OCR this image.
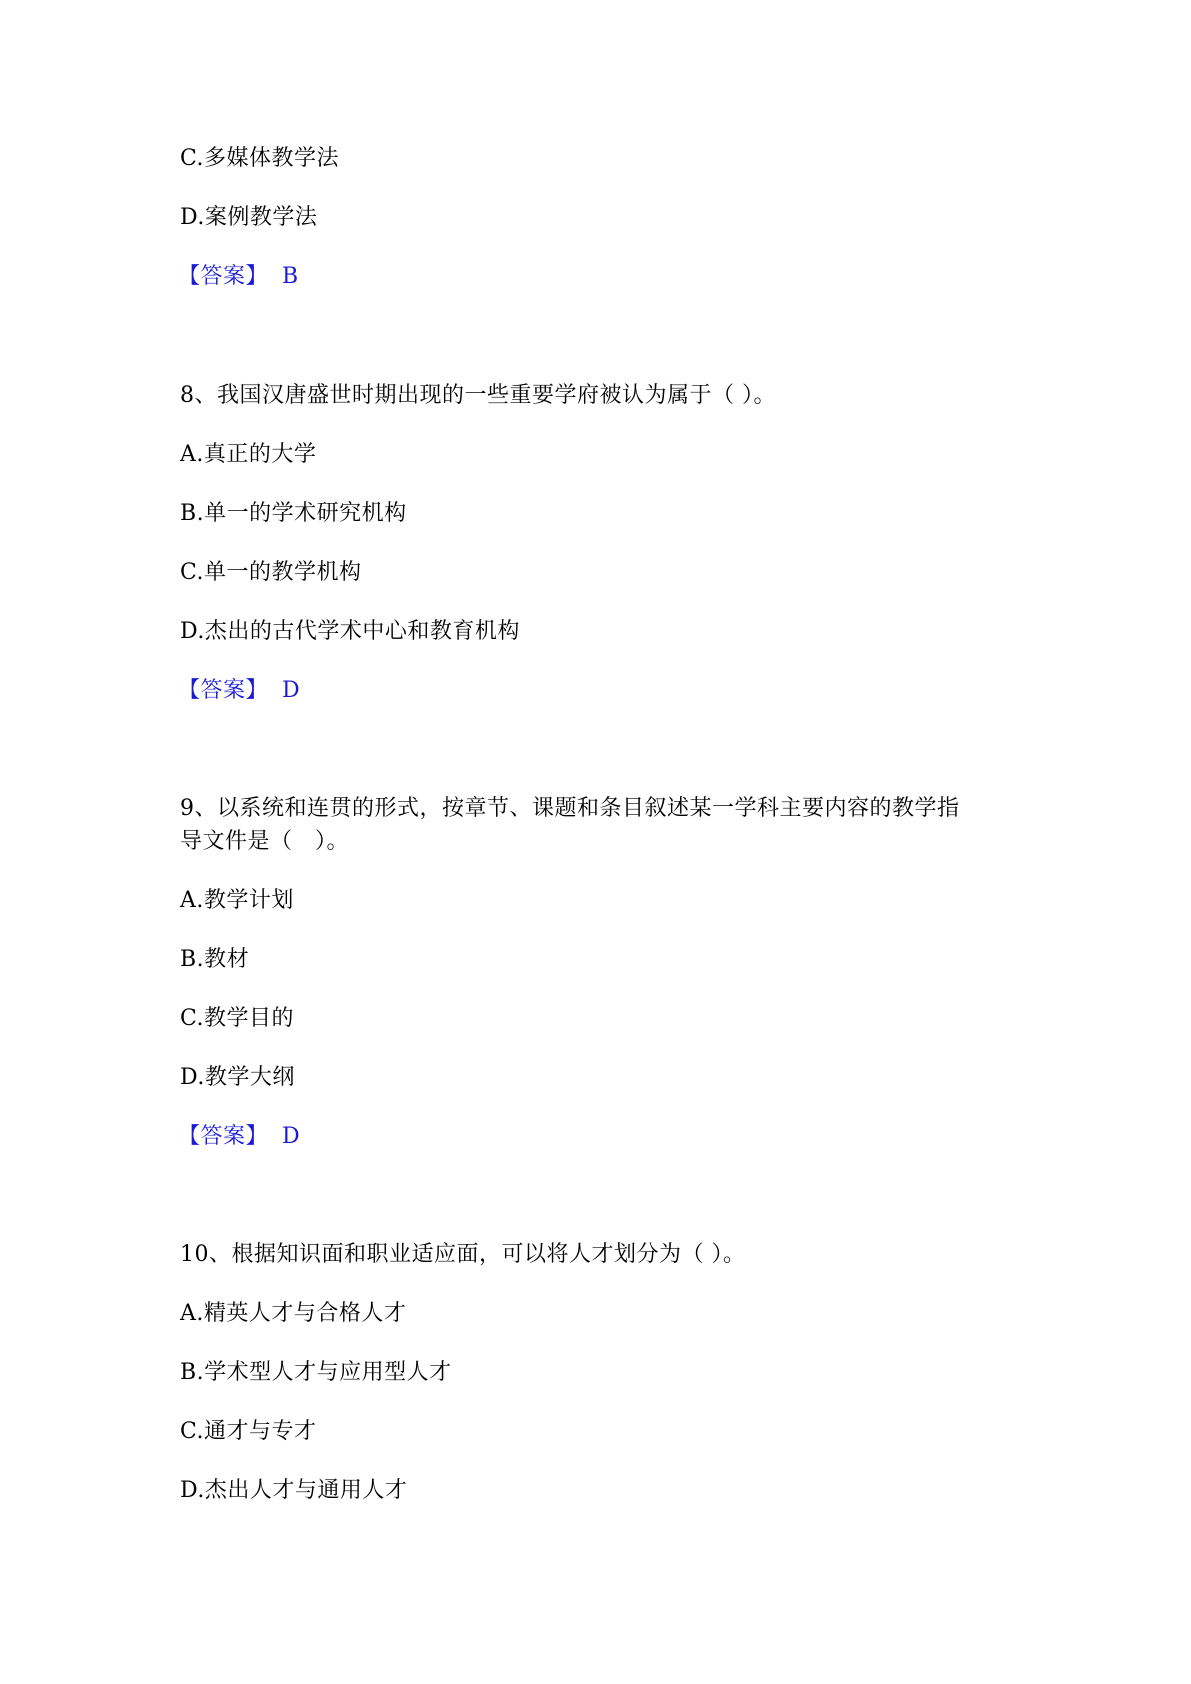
C.多媒体教学法
D.案例教学法
【答案】 B
8、我国汉唐盛世时期出现的一些重要学府被认为属于（ ）。
A.真正的大学
B.单一的学术研究机构
C.单一的教学机构
D.杰出的古代学术中心和教育机构
【答案】 D
9、以系统和连贯的形式，按章节、课题和条目叙述某一学科主要内容的教学指
导文件是（　）。
A.教学计划
B.教材
C.教学目的
D.教学大纲
【答案】 D
10、根据知识面和职业适应面，可以将人才划分为（ ）。
A.精英人才与合格人才
B.学术型人才与应用型人才
C.通才与专才
D.杰出人才与通用人才
